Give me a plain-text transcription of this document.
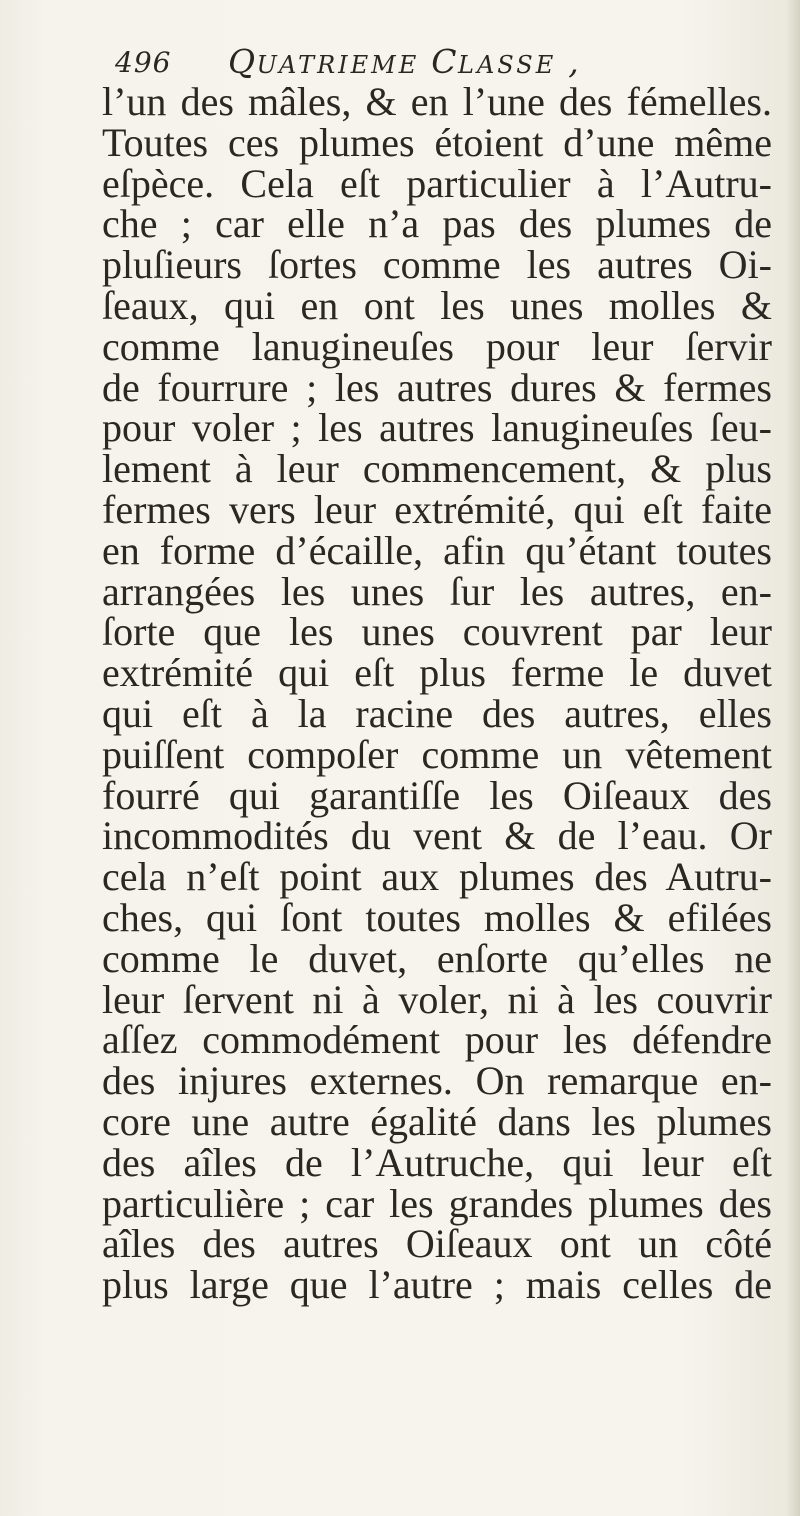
496 QUATRIEME CLASSE ,
l’un des mâles, & en l’une des fémelles.
Toutes ces plumes étoient d’une même
eſpèce. Cela eſt particulier à l’Autru-
che ; car elle n’a pas des plumes de
pluſieurs ſortes comme les autres Oi-
ſeaux, qui en ont les unes molles &
comme lanugineuſes pour leur ſervir
de fourrure ; les autres dures & fermes
pour voler ; les autres lanugineuſes ſeu-
lement à leur commencement, & plus
fermes vers leur extrémité, qui eſt faite
en forme d’écaille, afin qu’étant toutes
arrangées les unes ſur les autres, en-
ſorte que les unes couvrent par leur
extrémité qui eſt plus ferme le duvet
qui eſt à la racine des autres, elles
puiſſent compoſer comme un vêtement
fourré qui garantiſſe les Oiſeaux des
incommodités du vent & de l’eau. Or
cela n’eſt point aux plumes des Autru-
ches, qui ſont toutes molles & efilées
comme le duvet, enſorte qu’elles ne
leur ſervent ni à voler, ni à les couvrir
aſſez commodément pour les défendre
des injures externes. On remarque en-
core une autre égalité dans les plumes
des aîles de l’Autruche, qui leur eſt
particulière ; car les grandes plumes des
aîles des autres Oiſeaux ont un côté
plus large que l’autre ; mais celles de
